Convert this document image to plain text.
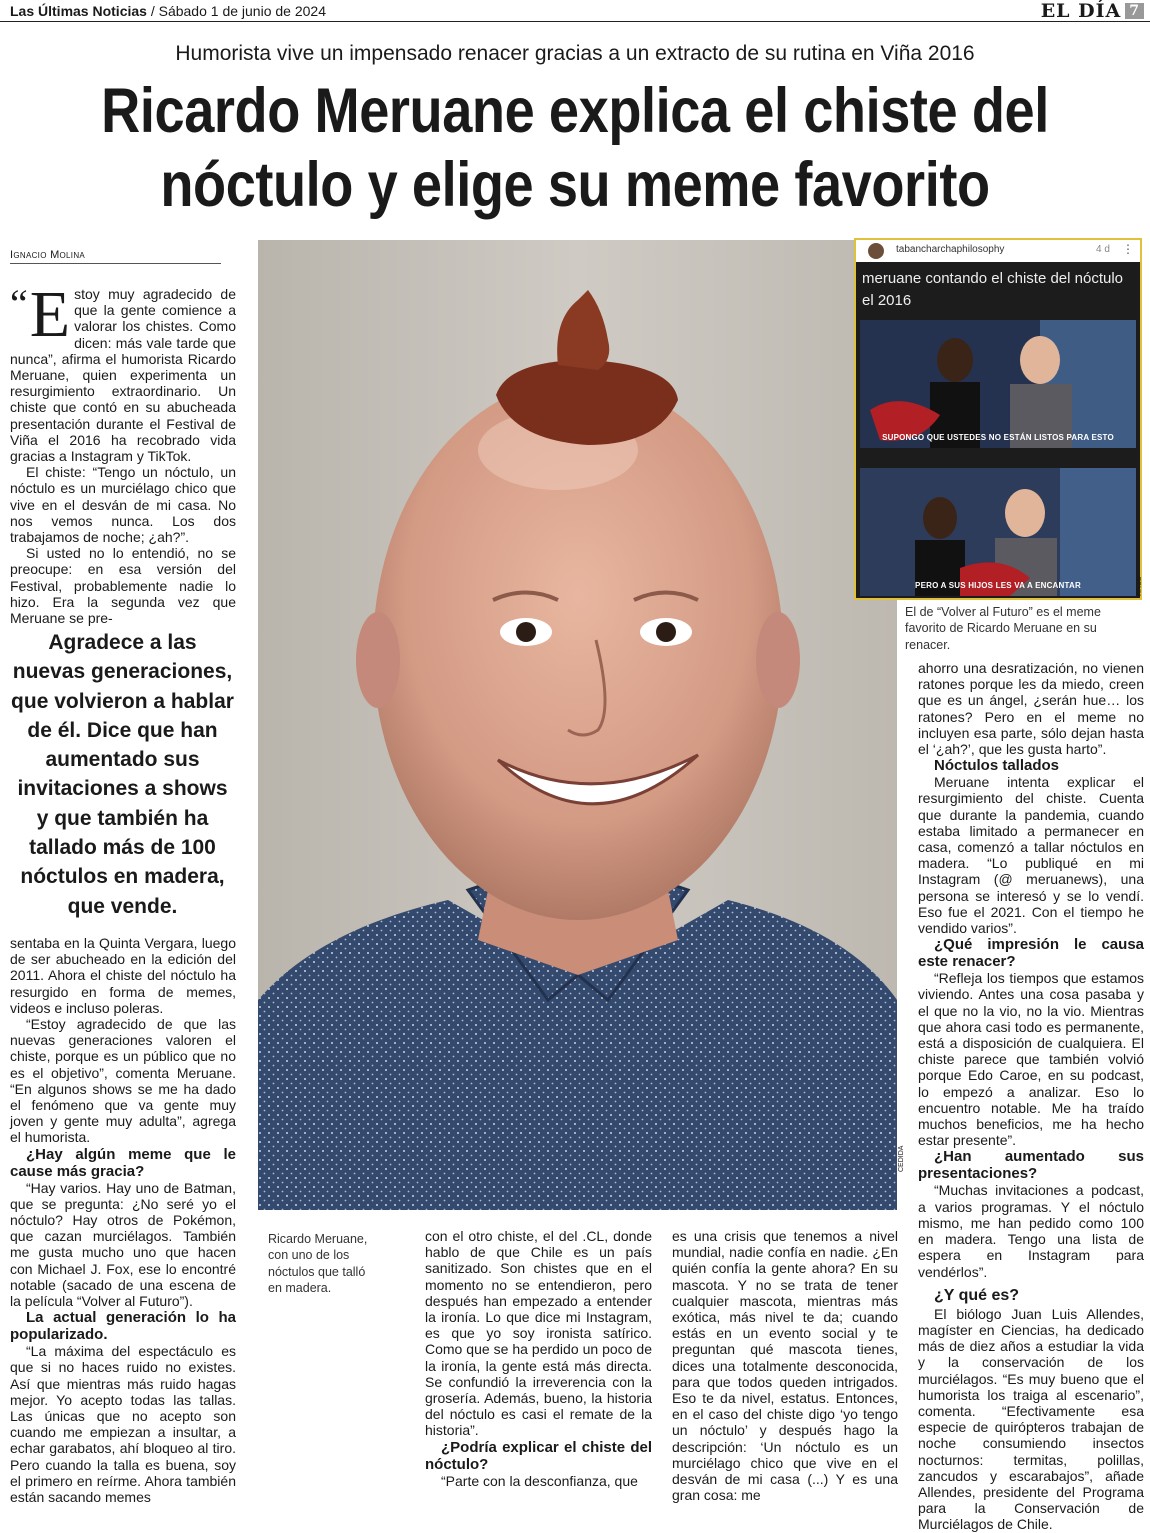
Las Últimas Noticias / Sábado 1 de junio de 2024	EL DÍA 7
Humorista vive un impensado renacer gracias a un extracto de su rutina en Viña 2016
Ricardo Meruane explica el chiste del
nóctulo y elige su meme favorito
Ignacio Molina

“ E stoy muy agradecido de que la gente comience a valorar los chistes. Como dicen: más vale tarde que nunca”, afirma el humorista Ricardo Meruane, quien experimenta un resurgimiento extraordinario. Un chiste que contó en su abucheada presentación durante el Festival de Viña el 2016 ha recobrado vida gracias a Instagram y TikTok.

El chiste: “Tengo un nóctulo, un nóctulo es un murciélago chico que vive en el desván de mi casa. No nos vemos nunca. Los dos trabajamos de noche; ¿ah?”.

Si usted no lo entendió, no se preocupe: en esa versión del Festival, probablemente nadie lo hizo. Era la segunda vez que Meruane se pre-

Agradece a las nuevas generaciones, que volvieron a hablar de él. Dice que han aumentado sus invitaciones a shows y que también ha tallado más de 100 nóctulos en madera, que vende.

sentaba en la Quinta Vergara, luego de ser abucheado en la edición del 2011. Ahora el chiste del nóctulo ha resurgido en forma de memes, videos e incluso poleras.

“Estoy agradecido de que las nuevas generaciones valoren el chiste, porque es un público que no es el objetivo”, comenta Meruane. “En algunos shows se me ha dado el fenómeno que va gente muy joven y gente muy adulta”, agrega el humorista.

¿Hay algún meme que le cause más gracia?

“Hay varios. Hay uno de Batman, que se pregunta: ¿No seré yo el nóctulo? Hay otros de Pokémon, que cazan murciélagos. También me gusta mucho uno que hacen con Michael J. Fox, ese lo encontré notable (sacado de una escena de la película “Volver al Futuro”).

La actual generación lo ha popularizado.

“La máxima del espectáculo es que si no haces ruido no existes. Así que mientras más ruido hagas mejor. Yo acepto todas las tallas. Las únicas que no acepto son cuando me empiezan a insultar, a echar garabatos, ahí bloqueo al tiro. Pero cuando la talla es buena, soy el primero en reírme. Ahora también están sacando memes

CEDIDA
Ricardo Meruane, con uno de los nóctulos que talló en madera.
tabancharchaphilosophy	4 d ⋮
meruane contando el chiste del nóctulo el 2016
SUPONGO QUE USTEDES NO ESTÁN LISTOS PARA ESTO
PERO A SUS HIJOS LES VA A ENCANTAR	RRSS
El de “Volver al Futuro” es el meme favorito de Ricardo Meruane en su renacer.

con el otro chiste, el del .CL, donde hablo de que Chile es un país sanitizado. Son chistes que en el momento no se entendieron, pero después han empezado a entender la ironía. Lo que dice mi Instagram, es que yo soy ironista satírico. Como que se ha perdido un poco de la ironía, la gente está más directa. Se confundió la irreverencia con la grosería. Además, bueno, la historia del nóctulo es casi el remate de la historia”.

¿Podría explicar el chiste del nóctulo?

“Parte con la desconfianza, que

es una crisis que tenemos a nivel mundial, nadie confía en nadie. ¿En quién confía la gente ahora? En su mascota. Y no se trata de tener cualquier mascota, mientras más exótica, más nivel te da; cuando estás en un evento social y te preguntan qué mascota tienes, dices una totalmente desconocida, para que todos queden intrigados. Eso te da nivel, estatus. Entonces, en el caso del chiste digo ‘yo tengo un nóctulo’ y después hago la descripción: ‘Un nóctulo es un murciélago chico que vive en el desván de mi casa (...) Y es una gran cosa: me

ahorro una desratización, no vienen ratones porque les da miedo, creen que es un ángel, ¿serán hue… los ratones? Pero en el meme no incluyen esa parte, sólo dejan hasta el ‘¿ah?’, que les gusta harto”.

Nóctulos tallados

Meruane intenta explicar el resurgimiento del chiste. Cuenta que durante la pandemia, cuando estaba limitado a permanecer en casa, comenzó a tallar nóctulos en madera. “Lo publiqué en mi Instagram (@ meruanews), una persona se interesó y se lo vendí. Eso fue el 2021. Con el tiempo he vendido varios”.

¿Qué impresión le causa este renacer?

“Refleja los tiempos que estamos viviendo. Antes una cosa pasaba y el que no la vio, no la vio. Mientras que ahora casi todo es permanente, está a disposición de cualquiera. El chiste parece que también volvió porque Edo Caroe, en su podcast, lo empezó a analizar. Eso lo encuentro notable. Me ha traído muchos beneficios, me ha hecho estar presente”.

¿Han aumentado sus presentaciones?

“Muchas invitaciones a podcast, a varios programas. Y el nóctulo mismo, me han pedido como 100 en madera. Tengo una lista de espera en Instagram para vendérlos”.

¿Y qué es?

El biólogo Juan Luis Allendes, magíster en Ciencias, ha dedicado más de diez años a estudiar la vida y la conservación de los murciélagos. “Es muy bueno que el humorista los traiga al escenario”, comenta. “Efectivamente esa especie de quirópteros trabajan de noche consumiendo insectos nocturnos: termitas, polillas, zancudos y escarabajos”, añade Allendes, presidente del Programa para la Conservación de Murciélagos de Chile.
